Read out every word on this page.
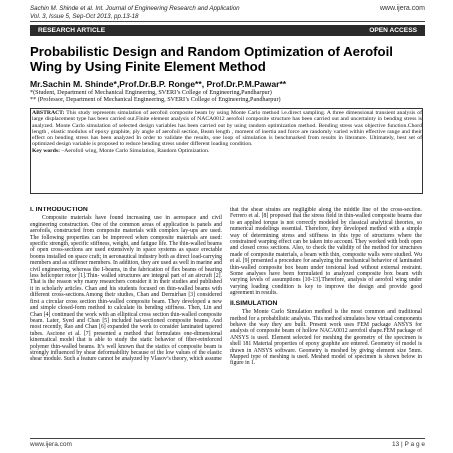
Sachin M. Shinde et al. Int. Journal of Engineering Research and Application
Vol. 3, Issue 5, Sep-Oct 2013, pp.13-18
www.ijera.com
RESEARCH ARTICLE	OPEN ACCESS
Probabilistic Design and Random Optimization of Aerofoil Wing by Using Finite Element Method
Mr.Sachin M. Shinde*,Prof.Dr.B.P. Ronge**, Prof.Dr.P.M.Pawar**
*(Student, Department of Mechanical Engineering, SVERI’s College of Engineering,Pandharpur)
** (Professor, Department of Mechanical Engineering, SVERI’s College of Engineering,Pandharpur)
ABSTRACT: This study represents simulation of aerofoil composite beam by using Monte Carlo method i.e.direct sampling. A three dimensional transient analysis of large displacement type has been carried out.Finite element analysis of NACA0012 aerofoil composite structure has been carried out and uncertainty in bending stress is analyzed. Monte Carlo simulation of selected design variables has been carried out by using random optimization method. Bending stress was objective function.Chord length , elastic modulus of epoxy graphite, ply angle of aerofoil section, Beam length , moment of inertia and force are randomly varied within effective range and their effect on bending stress has been analyzed In order to validate the results, one loop of simulation is benchmarked from results in literature. Ultimately, best set of optimized design variable is proposed to reduce bending stress under different loading condition.
Key words: –Aerofoil wing, Monte Carlo Simulation, Random Optimization.
I. INTRODUCTION

Composite materials have found increasing use in aerospace and civil engineering construction. One of the common areas of application is panels and aerofoils, constructed from composite materials with complex lay-ups are used. The following properties can be improved when composite materials are used: specific strength, specific stiffness, weight, and fatigue life. The thin-walled beams of open cross-sections are used extensively in space systems as space erectable booms installed on space craft; in aeronautical industry both as direct load-carrying members and as stiffener members. In addition, they are used as well in marine and civil engineering, whereas the I-beams, in the fabrication of flex beams of bearing less helicopter rotor [1].Thin- walled structures are integral part of an aircraft [2]. That is the reason why many researchers consider it in their studies and published it in scholarly articles. Chan and his students focused on thin-walled beams with different cross-sections.Among their studies, Chan and Dermirhan [3] considered first a circular cross section thin-walled composite beam. They developed a new and simple closed-form method to calculate its bending stiffness. Then, Lin and Chan [4] continued the work with an elliptical cross section thin-walled composite beam. Later, Syed and Chan [5] included hat-sectioned composite beams. And most recently, Rao and Chan [6] expanded the work to consider laminated tapered tubes. Ascione et al. [7] presented a method that formulates one-dimensional kinematical model that is able to study the static behavior of fiber-reinforced polymer thin-walled beams. It’s well known that the statics of composite beam is strongly influenced by shear deformability because of the low values of the elastic shear module. Such a feature cannot be analyzed by Vlasov’s theory, which assume

that the shear strains are negligible along the middle line of the cross-section. Ferrero et al. [8] proposed that the stress field in thin-walled composite beams due to an applied torque is not correctly modeled by classical analytical theories, so numerical modelings essential. Therefore, they developed method with a simple way of determining stress and stiffness in this type of structures where the constrained warping effect can be taken into account. They worked with both open and closed cross sections. Also, to check the validity of the method for structures made of composite materials, a beam with thin, composite walls were studied. Wu et al. [9] presented a procedure for analyzing the mechanical behavior of laminated thin-walled composite box beam under torsional load without external restraint. Some analyses have been formulated to analyzed composite box beam with varying levels of assumptions [10-13].Therefore, analysis of aerofoil wing under varying loading condition is key to improve the design and provide good agreement in results.

II.SIMULATION

The Monte Carlo Simulation method is the most common and traditional method for a probabilistic analysis. This method simulates how virtual components behave the way they are built. Present work uses FEM package ANSYS for analysis of composite beam of hollow NACA0012 aerofoil shape.FEM package of ANSYS is used. Element selected for meshing the geometry of the specimen is shell 181 Material properties of epoxy graphite are entered. Geometry of model is drawn in ANSYS software. Geometry is meshed by giving element size 5mm. Mapped type of meshing is used. Meshed model of specimen is shown below in figure in 1.

www.ijera.com	13 | P a g e
